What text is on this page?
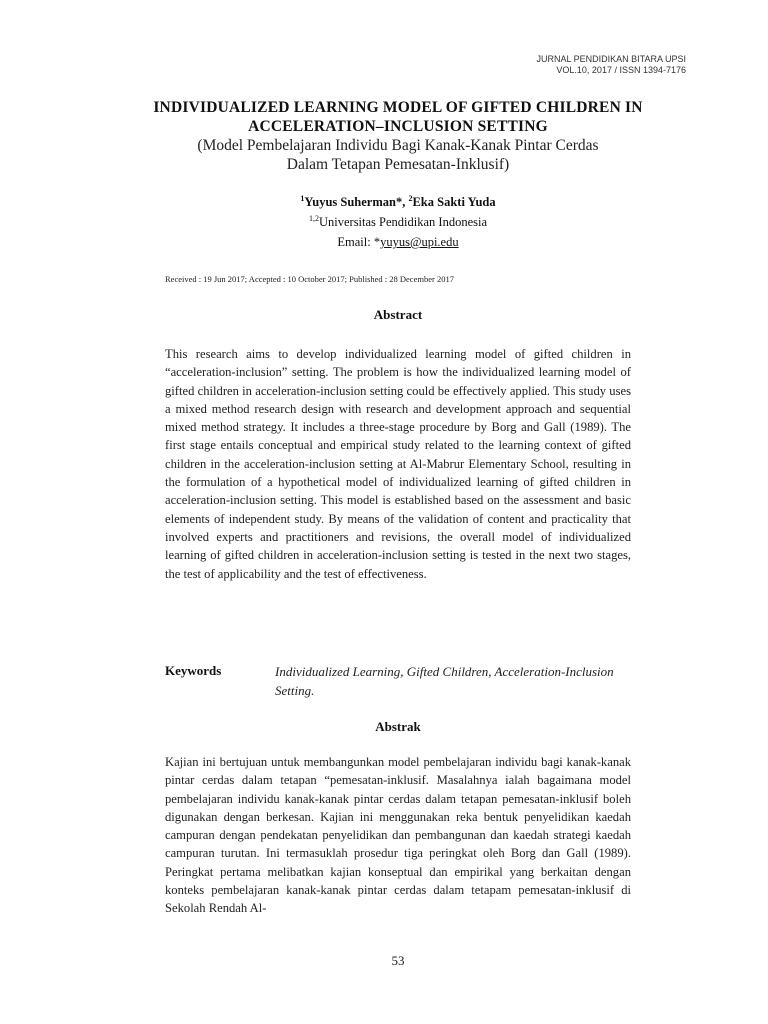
JURNAL PENDIDIKAN BITARA UPSI
VOL.10, 2017 / ISSN 1394-7176
INDIVIDUALIZED LEARNING MODEL OF GIFTED CHILDREN IN
ACCELERATION–INCLUSION SETTING
(Model Pembelajaran Individu Bagi Kanak-Kanak Pintar Cerdas
Dalam Tetapan Pemesatan-Inklusif)
$^1$Yuyus Suherman*, $^2$Eka Sakti Yuda
$^{1,2}$Universitas Pendidikan Indonesia
Email: *yuyus@upi.edu
Received : 19 Jun 2017; Accepted : 10 October 2017; Published : 28 December 2017
Abstract

This research aims to develop individualized learning model of gifted children in “acceleration-inclusion” setting. The problem is how the individualized learning model of gifted children in acceleration-inclusion setting could be effectively applied. This study uses a mixed method research design with research and development approach and sequential mixed method strategy. It includes a three-stage procedure by Borg and Gall (1989). The first stage entails conceptual and empirical study related to the learning context of gifted children in the acceleration-inclusion setting at Al-Mabrur Elementary School, resulting in the formulation of a hypothetical model of individualized learning of gifted children in acceleration-inclusion setting. This model is established based on the assessment and basic elements of independent study. By means of the validation of content and practicality that involved experts and practitioners and revisions, the overall model of individualized learning of gifted children in acceleration-inclusion setting is tested in the next two stages, the test of applicability and the test of effectiveness.

Keywords	Individualized Learning, Gifted Children, Acceleration-Inclusion Setting.
Abstrak

Kajian ini bertujuan untuk membangunkan model pembelajaran individu bagi kanak-kanak pintar cerdas dalam tetapan “pemesatan-inklusif. Masalahnya ialah bagaimana model pembelajaran individu kanak-kanak pintar cerdas dalam tetapan pemesatan-inklusif boleh digunakan dengan berkesan. Kajian ini menggunakan reka bentuk penyelidikan kaedah campuran dengan pendekatan penyelidikan dan pembangunan dan kaedah strategi kaedah campuran turutan. Ini termasuklah prosedur tiga peringkat oleh Borg dan Gall (1989). Peringkat pertama melibatkan kajian konseptual dan empirikal yang berkaitan dengan konteks pembelajaran kanak-kanak pintar cerdas dalam tetapam pemesatan-inklusif di Sekolah Rendah Al-

53
